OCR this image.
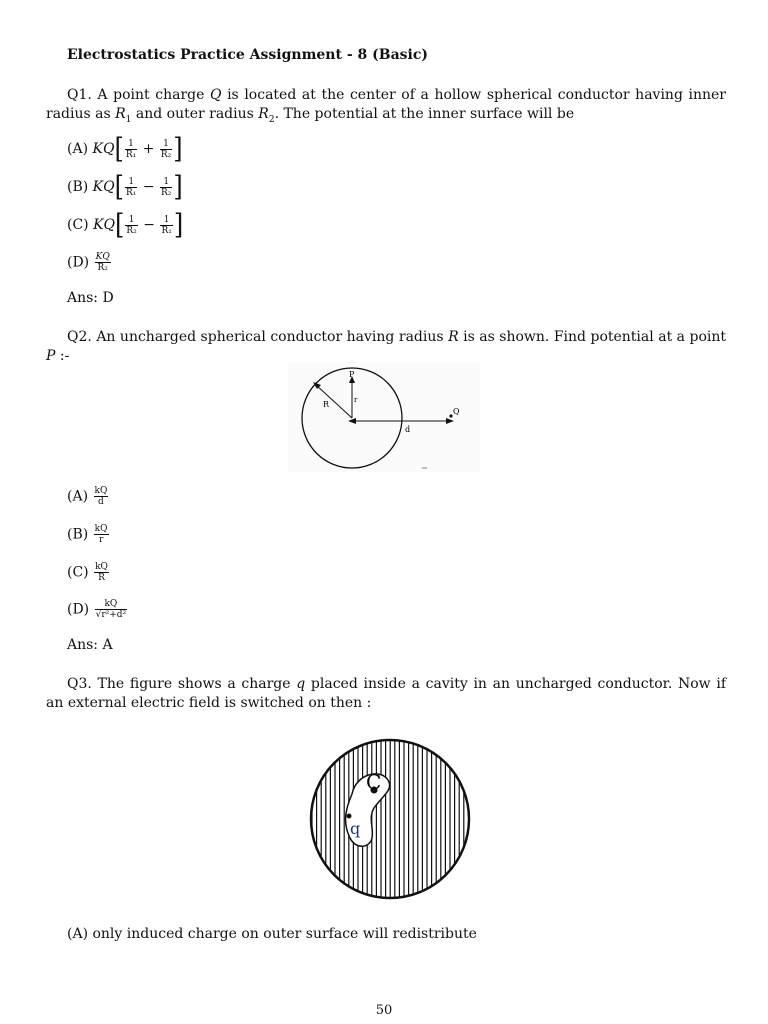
Electrostatics Practice Assignment - 8 (Basic)
Q1. A point charge Q is located at the center of a hollow spherical conductor having inner radius as $R_1$ and outer radius $R_2$. The potential at the inner surface will be
(A) $KQ[ \frac{1}{\text{R₁}} + \frac{1}{\text{R₂}}$ ]
(B) $KQ[ \frac{1}{\text{R₁}} - \frac{1}{\text{R₂}}$ ]
(C) $KQ[ \frac{1}{\text{R₂}} - \frac{1}{\text{R₁}}$ ]
$(D) \frac{KQ}{\text{R₂}}$
Ans: D
Q2. An uncharged spherical conductor having radius R is as shown. Find potential at a point P :-
P
R	r
d
Q
$(A) \frac{kQ}{d}$
$(B) \frac{kQ}{r}$
$(C) \frac{kQ}{R}$
$(D) \frac{kQ}{\text{√r²+d²}}$
Ans: A
Q3. The figure shows a charge q placed inside a cavity in an uncharged conductor. Now if an external electric field is switched on then :
C
q
(A) only induced charge on outer surface will redistribute
50
